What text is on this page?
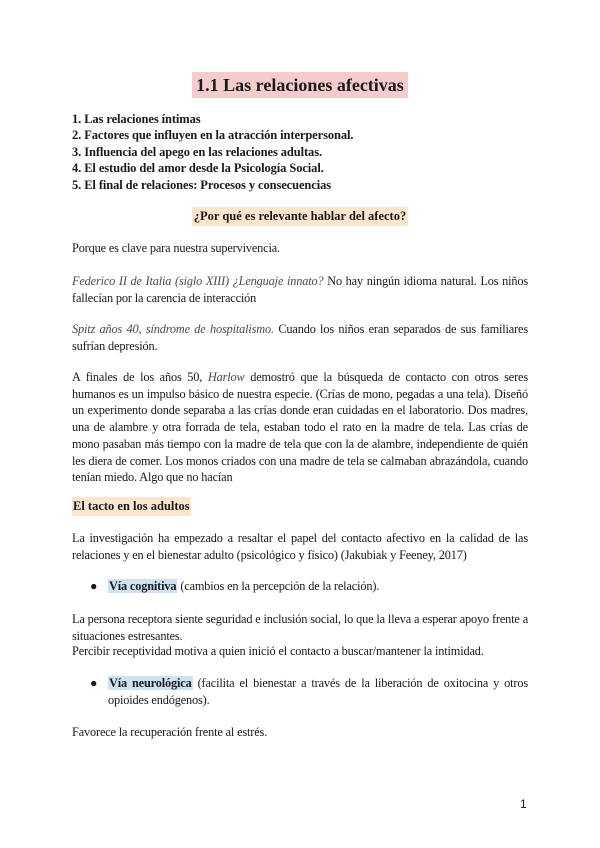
1.1 Las relaciones afectivas
1. Las relaciones íntimas
2. Factores que influyen en la atracción interpersonal.
3. Influencia del apego en las relaciones adultas.
4. El estudio del amor desde la Psicología Social.
5. El final de relaciones: Procesos y consecuencias
¿Por qué es relevante hablar del afecto?

Porque es clave para nuestra supervivencia.

Federico II de Italia (siglo XIII) ¿Lenguaje innato? No hay ningún idioma natural. Los niños fallecían por la carencia de interacción

Spitz años 40, síndrome de hospitalismo. Cuando los niños eran separados de sus familiares sufrían depresión.

A finales de los años 50, Harlow demostró que la búsqueda de contacto con otros seres humanos es un impulso básico de nuestra especie. (Crías de mono, pegadas a una tela). Diseñó un experimento donde separaba a las crías donde eran cuidadas en el laboratorio. Dos madres, una de alambre y otra forrada de tela, estaban todo el rato en la madre de tela. Las crías de mono pasaban más tiempo con la madre de tela que con la de alambre, independiente de quién les diera de comer. Los monos criados con una madre de tela se calmaban abrazándola, cuando tenían miedo. Algo que no hacían

El tacto en los adultos

La investigación ha empezado a resaltar el papel del contacto afectivo en la calidad de las relaciones y en el bienestar adulto (psicológico y físico) (Jakubiak y Feeney, 2017)

● Vía cognitiva (cambios en la percepción de la relación).

La persona receptora siente seguridad e inclusión social, lo que la lleva a esperar apoyo frente a situaciones estresantes.

Percibir receptividad motiva a quien inició el contacto a buscar/mantener la intimidad.

● Vía neurológica (facilita el bienestar a través de la liberación de oxitocina y otros opioides endógenos).

Favorece la recuperación frente al estrés.

1
